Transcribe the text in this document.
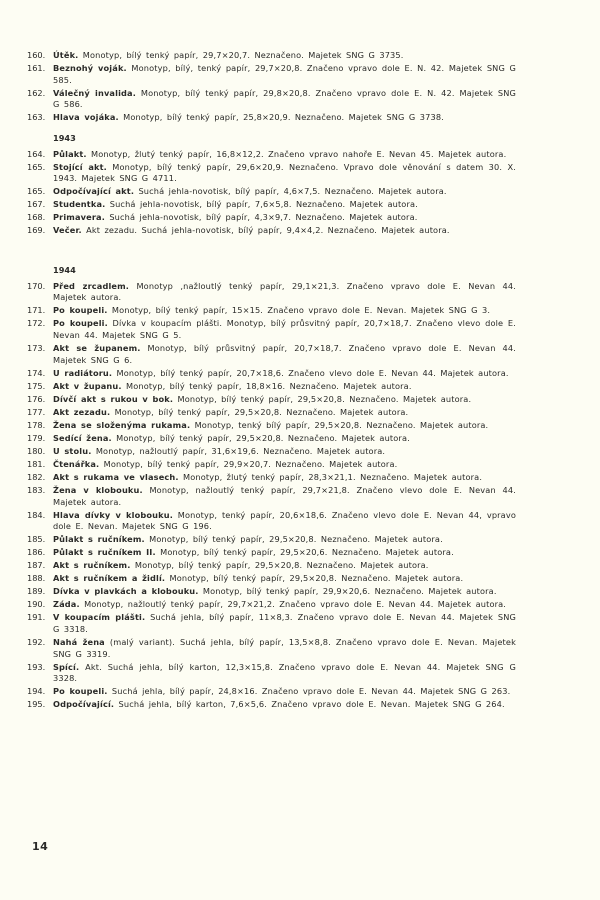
160. Útěk. Monotyp, bílý tenký papír, 29,7×20,7. Neznačeno. Majetek SNG G 3735.
161. Beznohý voják. Monotyp, bílý, tenký papír, 29,7×20,8. Značeno vpravo dole E. N. 42. Majetek SNG G 585.
162. Válečný invalida. Monotyp, bílý tenký papír, 29,8×20,8. Značeno vpravo dole E. N. 42. Majetek SNG G 586.
163. Hlava vojáka. Monotyp, bílý tenký papír, 25,8×20,9. Neznačeno. Majetek SNG G 3738.
1943
164. Půlakt. Monotyp, žlutý tenký papír, 16,8×12,2. Značeno vpravo nahoře E. Nevan 45. Majetek autora.
165. Stojící akt. Monotyp, bílý tenký papír, 29,6×20,9. Neznačeno. Vpravo dole věnování s datem 30. X. 1943. Majetek SNG G 4711.
165. Odpočívající akt. Suchá jehla-novotisk, bílý papír, 4,6×7,5. Neznačeno. Majetek autora.
167. Studentka. Suchá jehla-novotisk, bílý papír, 7,6×5,8. Neznačeno. Majetek autora.
168. Primavera. Suchá jehla-novotisk, bílý papír, 4,3×9,7. Neznačeno. Majetek autora.
169. Večer. Akt zezadu. Suchá jehla-novotisk, bílý papír, 9,4×4,2. Neznačeno. Majetek autora.
1944
170. Před zrcadlem. Monotyp ,nažloutlý tenký papír, 29,1×21,3. Značeno vpravo dole E. Nevan 44. Majetek autora.
171. Po koupeli. Monotyp, bílý tenký papír, 15×15. Značeno vpravo dole E. Nevan. Majetek SNG G 3.
172. Po koupeli. Dívka v koupacím plášti. Monotyp, bílý průsvitný papír, 20,7×18,7. Značeno vlevo dole E. Nevan 44. Majetek SNG G 5.
173. Akt se županem. Monotyp, bílý průsvitný papír, 20,7×18,7. Značeno vpravo dole E. Nevan 44. Majetek SNG G 6.
174. U radiátoru. Monotyp, bílý tenký papír, 20,7×18,6. Značeno vlevo dole E. Nevan 44. Majetek autora.
175. Akt v županu. Monotyp, bílý tenký papír, 18,8×16. Neznačeno. Majetek autora.
176. Dívčí akt s rukou v bok. Monotyp, bílý tenký papír, 29,5×20,8. Neznačeno. Majetek autora.
177. Akt zezadu. Monotyp, bílý tenký papír, 29,5×20,8. Neznačeno. Majetek autora.
178. Žena se složenýma rukama. Monotyp, tenký bílý papír, 29,5×20,8. Neznačeno. Majetek autora.
179. Sedící žena. Monotyp, bílý tenký papír, 29,5×20,8. Neznačeno. Majetek autora.
180. U stolu. Monotyp, nažloutlý papír, 31,6×19,6. Neznačeno. Majetek autora.
181. Čtenářka. Monotyp, bílý tenký papír, 29,9×20,7. Neznačeno. Majetek autora.
182. Akt s rukama ve vlasech. Monotyp, žlutý tenký papír, 28,3×21,1. Neznačeno. Majetek autora.
183. Žena v klobouku. Monotyp, nažloutlý tenký papír, 29,7×21,8. Značeno vlevo dole E. Nevan 44. Majetek autora.
184. Hlava dívky v klobouku. Monotyp, tenký papír, 20,6×18,6. Značeno vlevo dole E. Nevan 44, vpravo dole E. Nevan. Majetek SNG G 196.
185. Půlakt s ručníkem. Monotyp, bílý tenký papír, 29,5×20,8. Neznačeno. Majetek autora.
186. Půlakt s ručníkem II. Monotyp, bílý tenký papír, 29,5×20,6. Neznačeno. Majetek autora.
187. Akt s ručníkem. Monotyp, bílý tenký papír, 29,5×20,8. Neznačeno. Majetek autora.
188. Akt s ručníkem a židlí. Monotyp, bílý tenký papír, 29,5×20,8. Neznačeno. Majetek autora.
189. Dívka v plavkách a klobouku. Monotyp, bílý tenký papír, 29,9×20,6. Neznačeno. Majetek autora.
190. Záda. Monotyp, nažloutlý tenký papír, 29,7×21,2. Značeno vpravo dole E. Nevan 44. Majetek autora.
191. V koupacím plášti. Suchá jehla, bílý papír, 11×8,3. Značeno vpravo dole E. Nevan 44. Majetek SNG G 3318.
192. Nahá žena (malý variant). Suchá jehla, bílý papír, 13,5×8,8. Značeno vpravo dole E. Nevan. Majetek SNG G 3319.
193. Spící. Akt. Suchá jehla, bílý karton, 12,3×15,8. Značeno vpravo dole E. Nevan 44. Majetek SNG G 3328.
194. Po koupeli. Suchá jehla, bílý papír, 24,8×16. Značeno vpravo dole E. Nevan 44. Majetek SNG G 263.
195. Odpočívající. Suchá jehla, bílý karton, 7,6×5,6. Značeno vpravo dole E. Nevan. Majetek SNG G 264.
14
